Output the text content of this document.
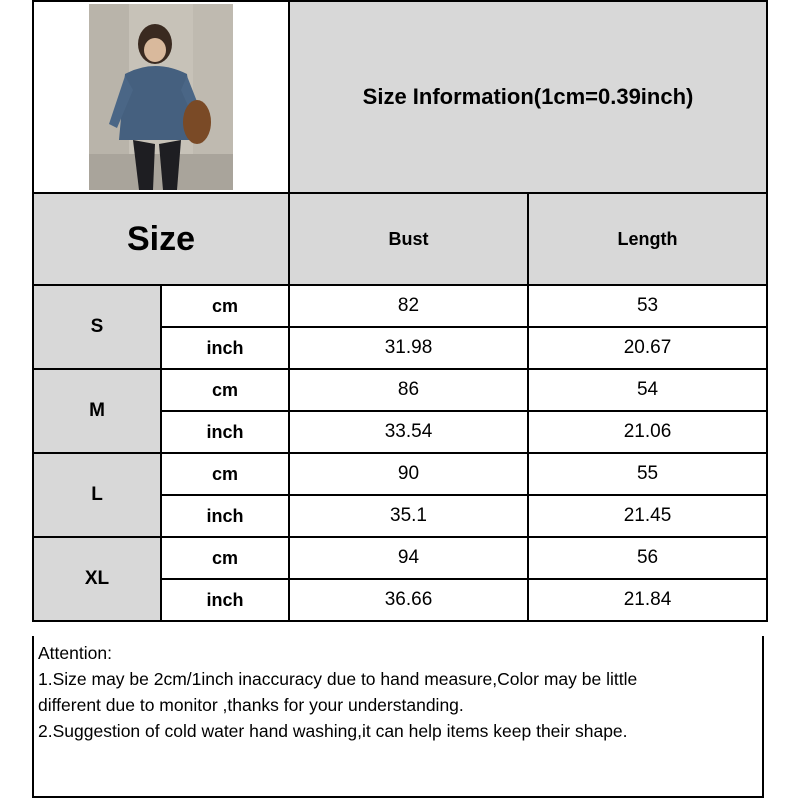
	Size Information(1cm=0.39inch)	
Size		Bust	Length
S	cm	82	53
	inch	31.98	20.67
M	cm	86	54
	inch	33.54	21.06
L	cm	90	55
	inch	35.1	21.45
XL	cm	94	56
	inch	36.66	21.84
Attention:
1.Size may be 2cm/1inch inaccuracy due to hand measure,Color may be little
different due to monitor ,thanks for your understanding.
2.Suggestion of cold water hand washing,it can help items keep their shape.
